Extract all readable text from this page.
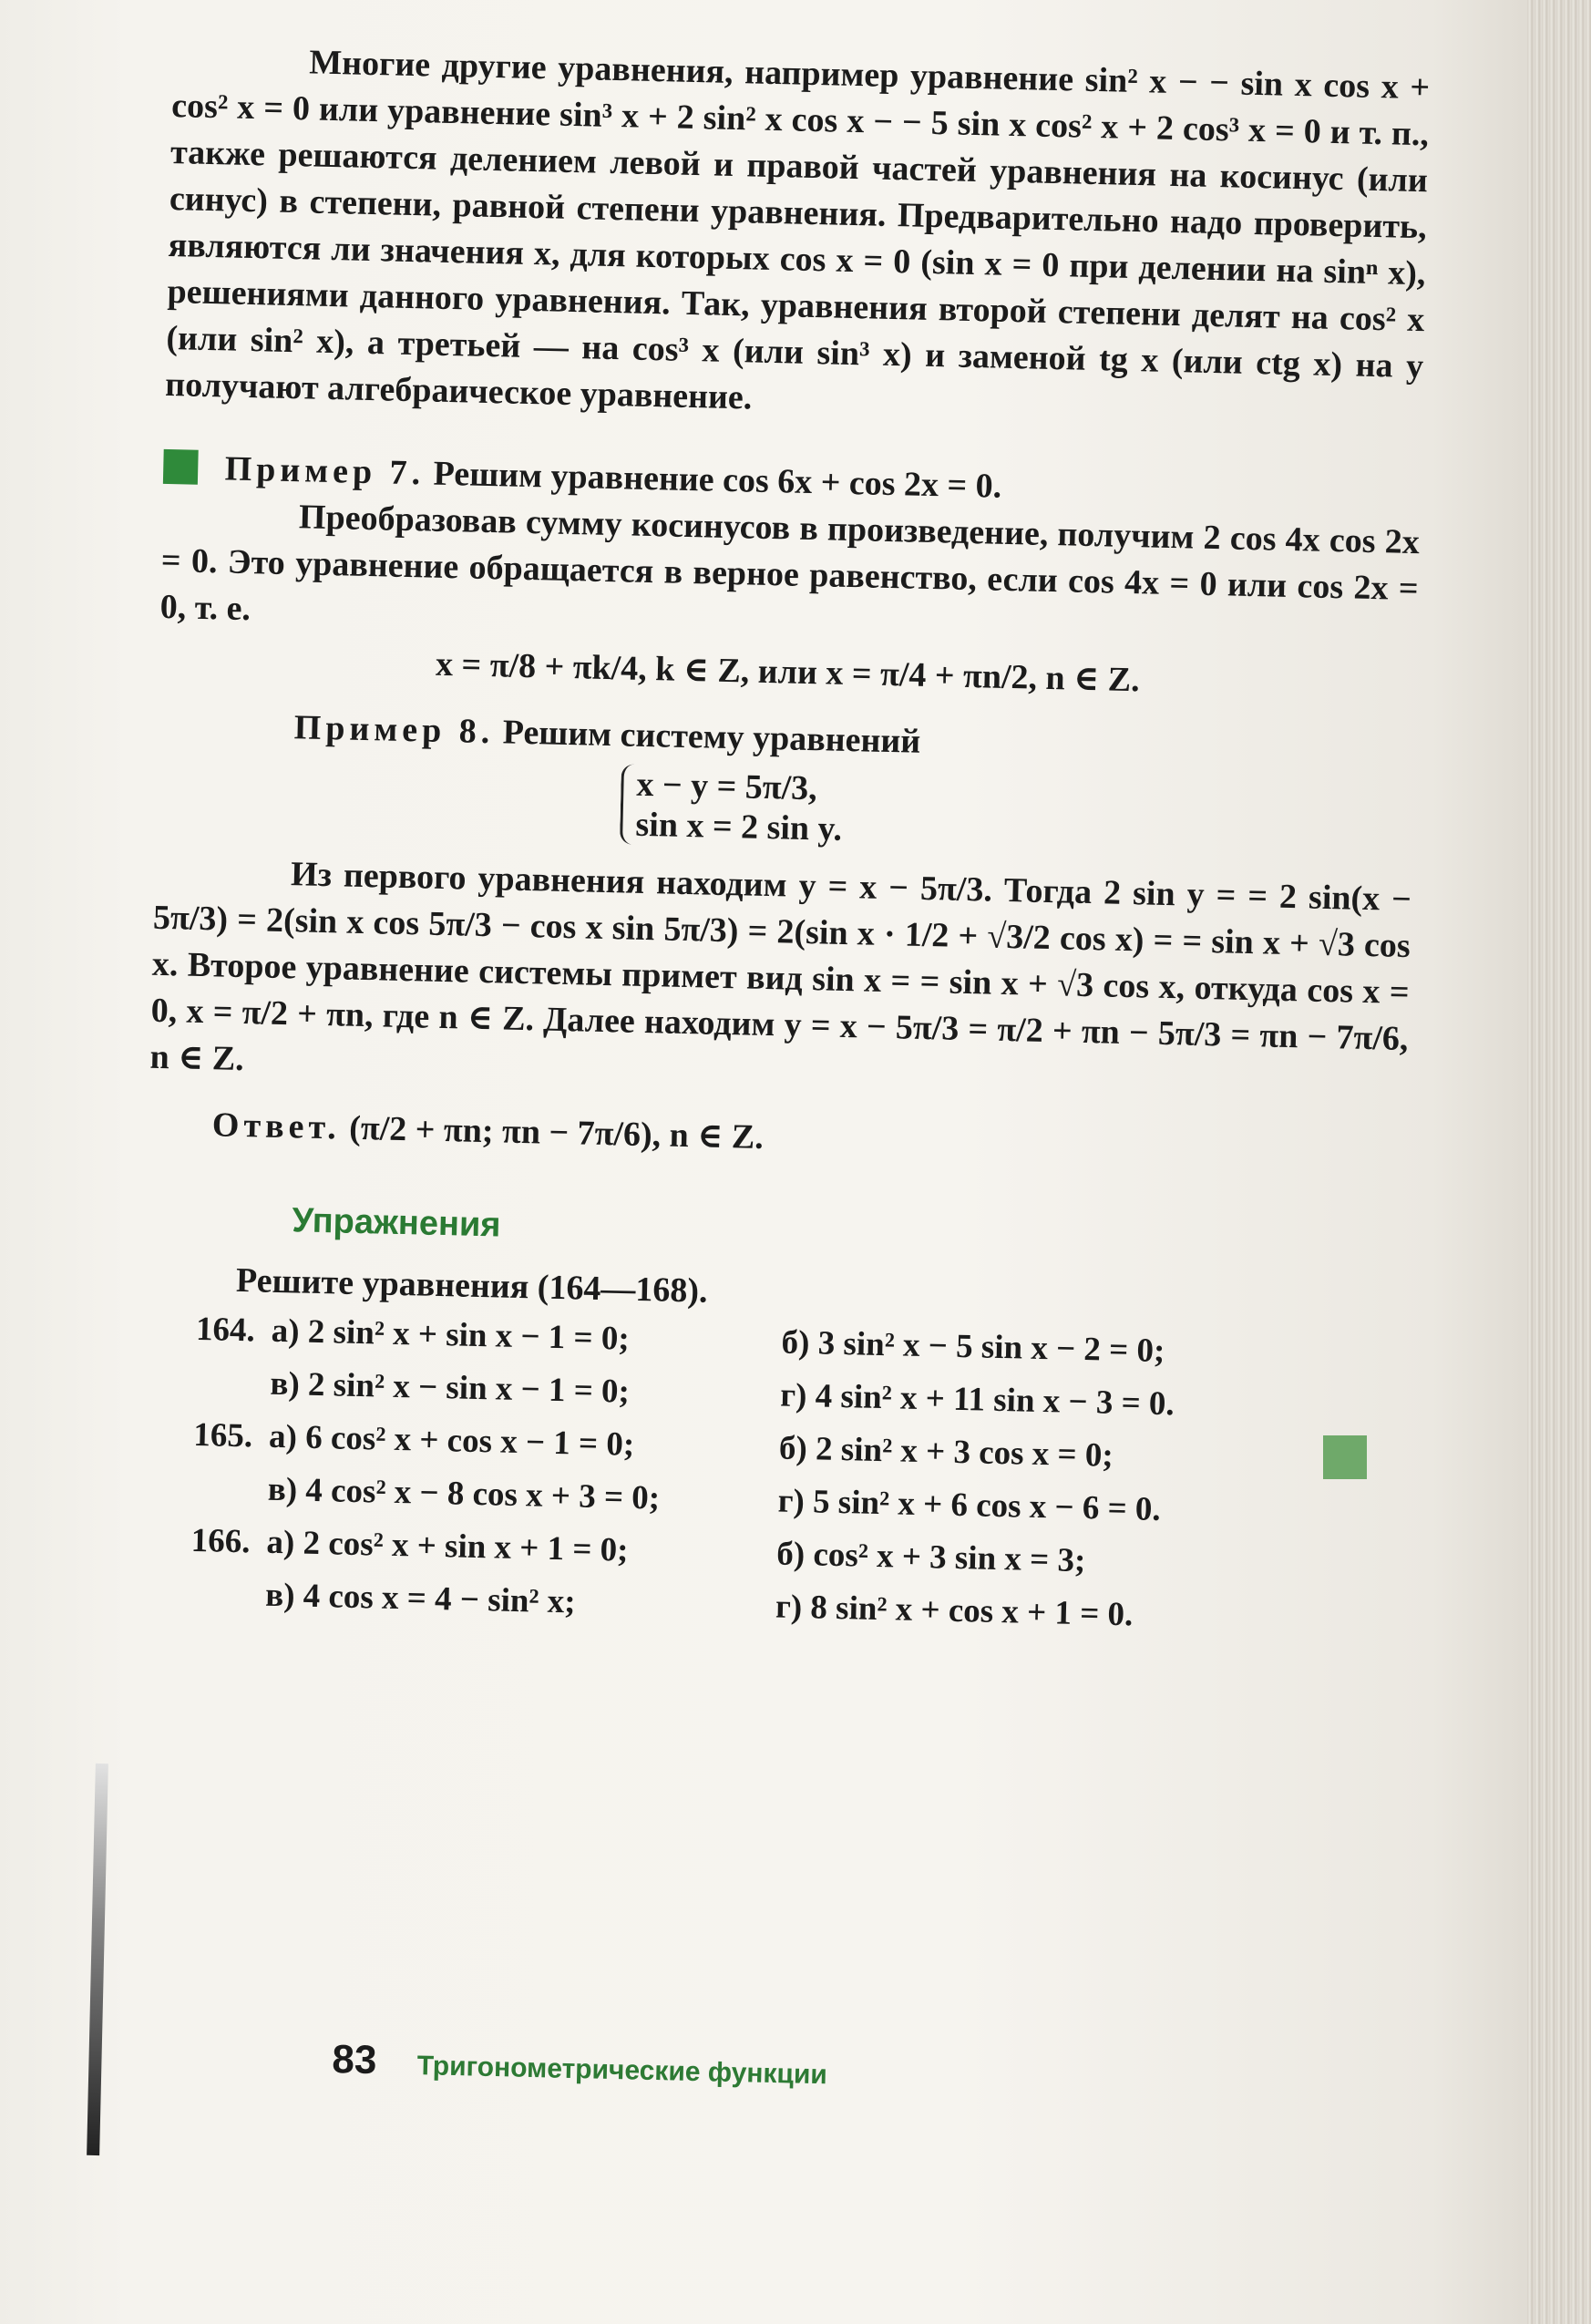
Многие другие уравнения, например уравнение sin² x − − sin x cos x + cos² x = 0 или уравнение sin³ x + 2 sin² x cos x − − 5 sin x cos² x + 2 cos³ x = 0 и т. п., также решаются делением левой и правой частей уравнения на косинус (или синус) в степени, равной степени уравнения. Предварительно надо проверить, являются ли значения x, для которых cos x = 0 (sin x = 0 при делении на sinⁿ x), решениями данного уравнения. Так, уравнения второй степени делят на cos² x (или sin² x), а третьей — на cos³ x (или sin³ x) и заменой tg x (или ctg x) на y получают алгебраическое уравнение.

Пример 7. Решим уравнение cos 6x + cos 2x = 0.

Преобразовав сумму косинусов в произведение, получим 2 cos 4x cos 2x = 0. Это уравнение обращается в верное равенство, если cos 4x = 0 или cos 2x = 0, т. е.

x = π/8 + πk/4, k ∈ Z, или x = π/4 + πn/2, n ∈ Z.

Пример 8. Решим систему уравнений

x − y = 5π/3,
sin x = 2 sin y.

Из первого уравнения находим y = x − 5π/3. Тогда 2 sin y = = 2 sin(x − 5π/3) = 2(sin x cos 5π/3 − cos x sin 5π/3) = 2(sin x · 1/2 + √3/2 cos x) = = sin x + √3 cos x. Второе уравнение системы примет вид sin x = = sin x + √3 cos x, откуда cos x = 0, x = π/2 + πn, где n ∈ Z. Далее находим y = x − 5π/3 = π/2 + πn − 5π/3 = πn − 7π/6, n ∈ Z.

Ответ. (π/2 + πn; πn − 7π/6), n ∈ Z.

Упражнения

Решите уравнения (164—168).

164. а) 2 sin² x + sin x − 1 = 0;	б) 3 sin² x − 5 sin x − 2 = 0;
в) 2 sin² x − sin x − 1 = 0;	г) 4 sin² x + 11 sin x − 3 = 0.
165. а) 6 cos² x + cos x − 1 = 0;	б) 2 sin² x + 3 cos x = 0;
в) 4 cos² x − 8 cos x + 3 = 0;	г) 5 sin² x + 6 cos x − 6 = 0.
166. а) 2 cos² x + sin x + 1 = 0;	б) cos² x + 3 sin x = 3;
в) 4 cos x = 4 − sin² x;	г) 8 sin² x + cos x + 1 = 0.
83 Тригонометрические функции
